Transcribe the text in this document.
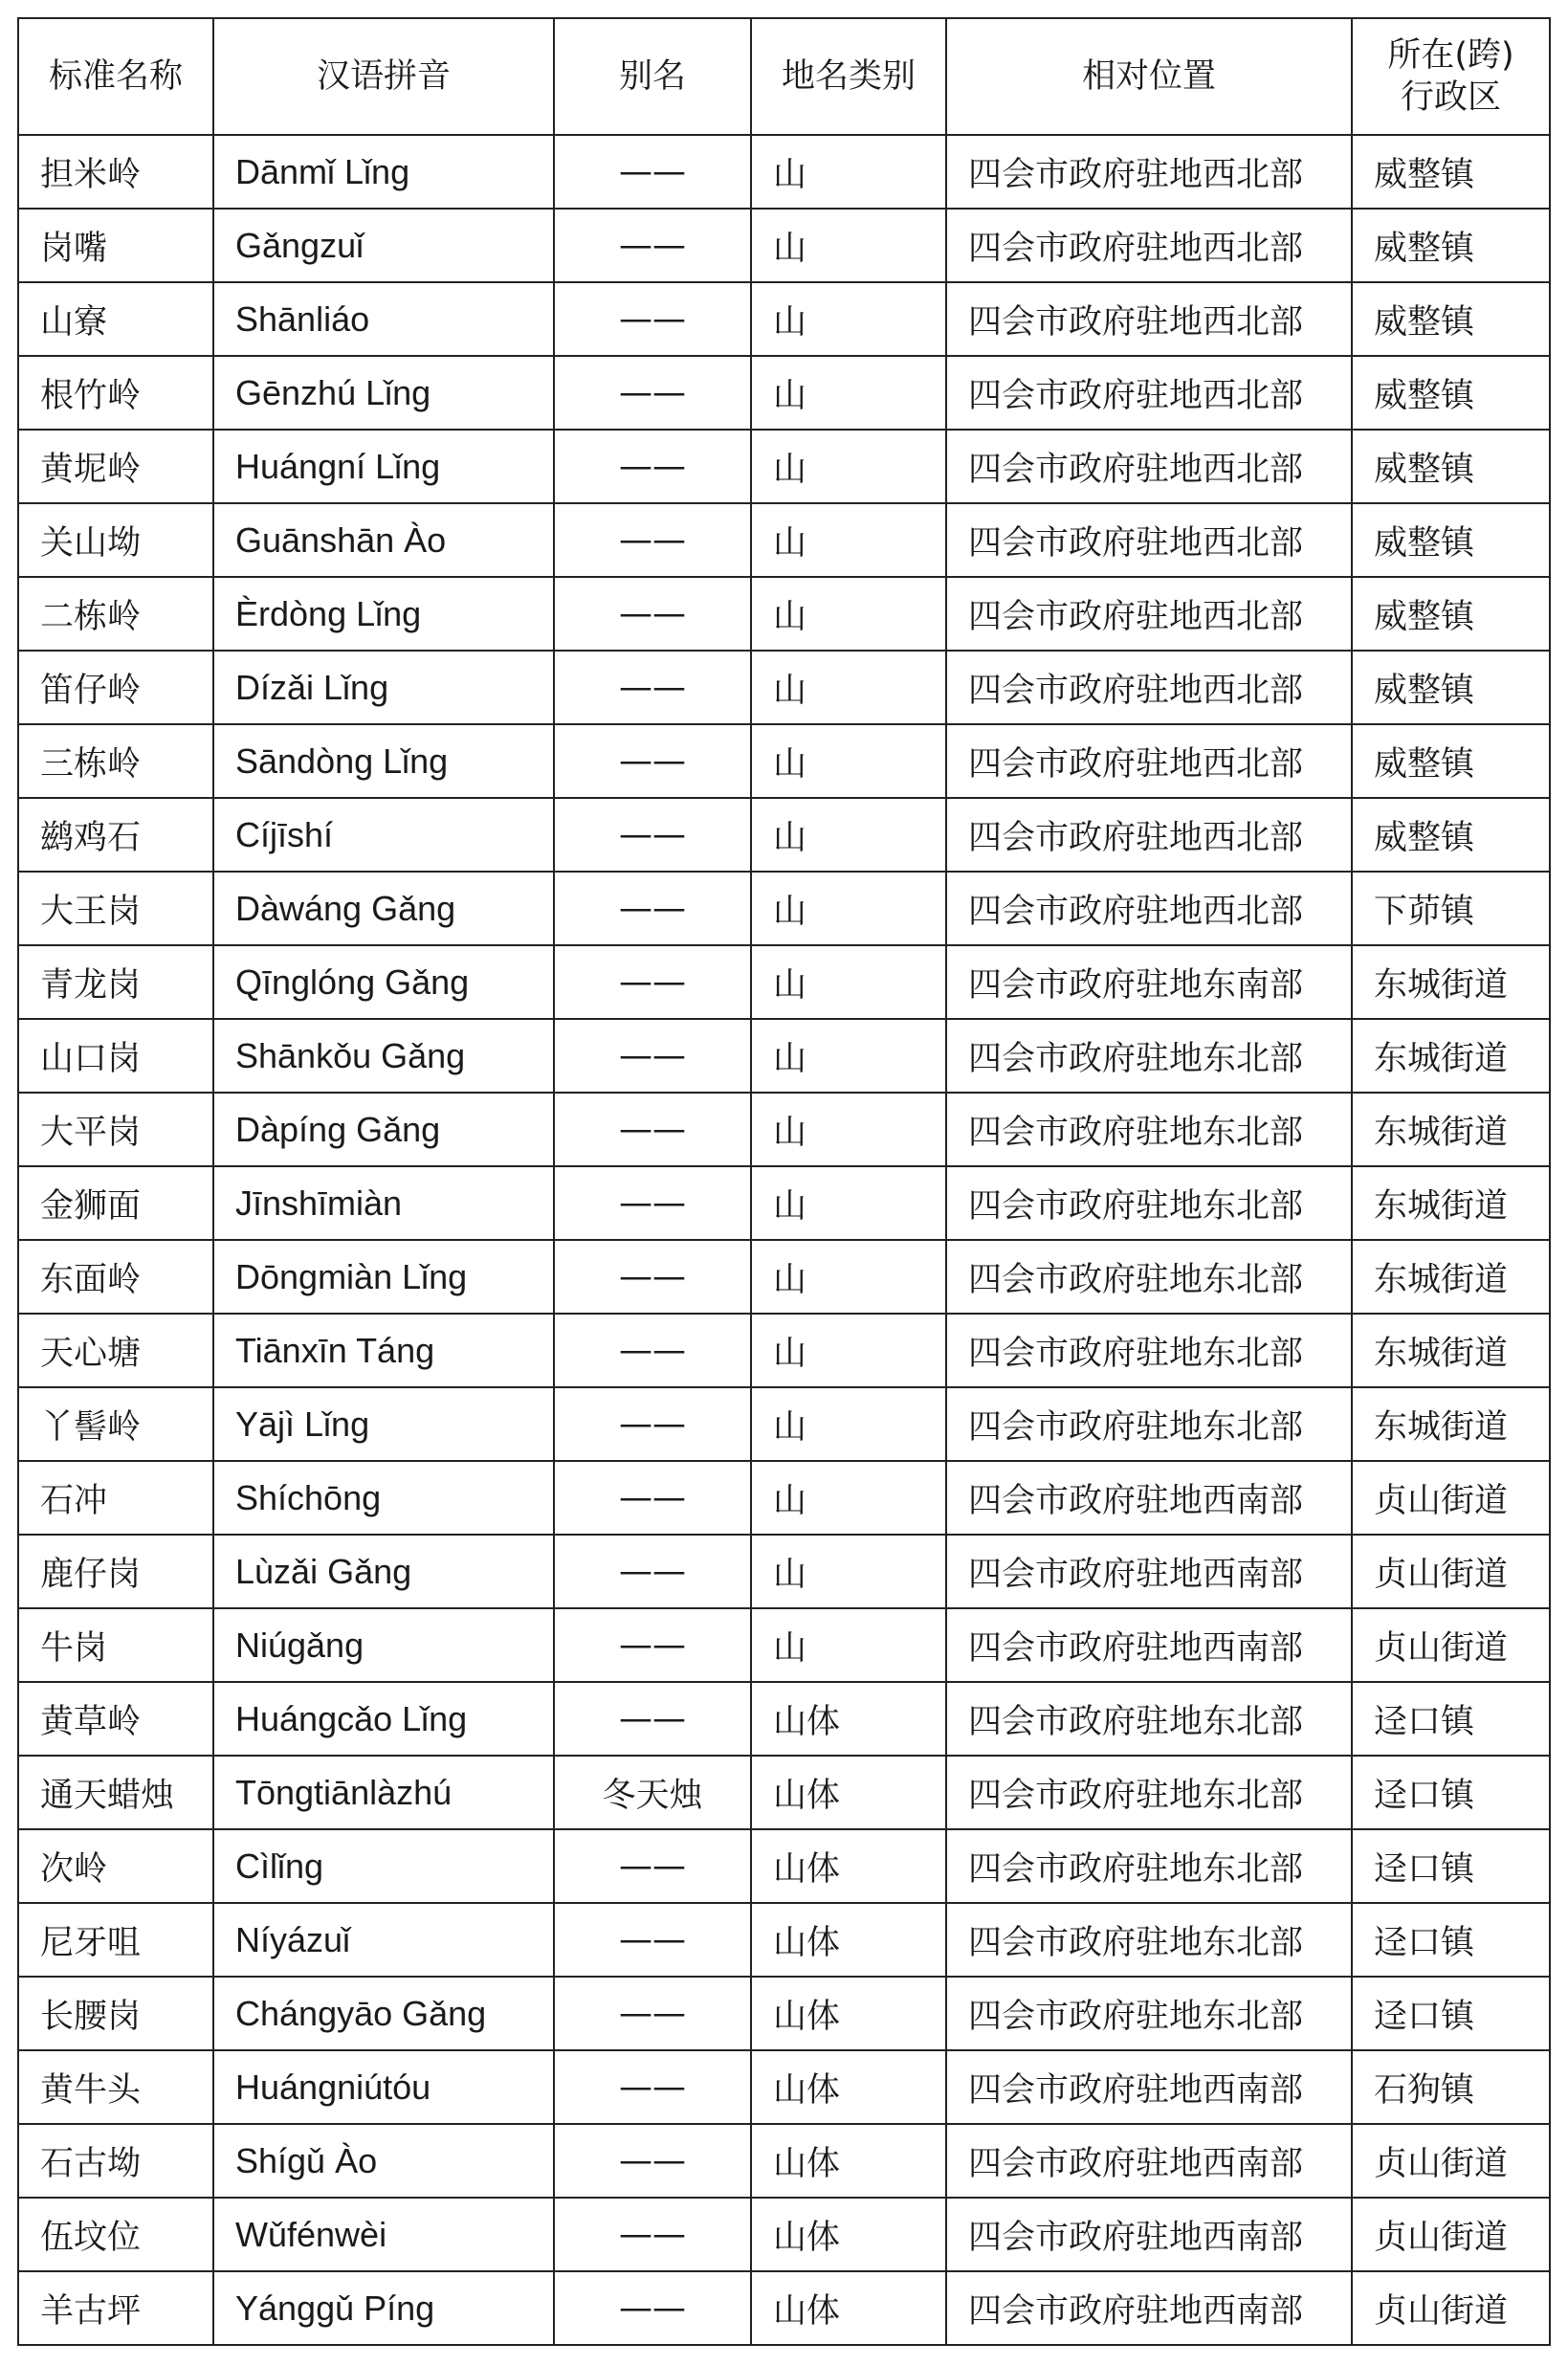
标准名称	汉语拼音	别名	地名类别	相对位置	所在(跨)
行政区
担米岭	Dānmǐ Lǐng	——	山	四会市政府驻地西北部	威整镇
岗嘴	Gǎngzuǐ	——	山	四会市政府驻地西北部	威整镇
山寮	Shānliáo	——	山	四会市政府驻地西北部	威整镇
根竹岭	Gēnzhú Lǐng	——	山	四会市政府驻地西北部	威整镇
黄坭岭	Huángní Lǐng	——	山	四会市政府驻地西北部	威整镇
关山坳	Guānshān Ào	——	山	四会市政府驻地西北部	威整镇
二栋岭	Èrdòng Lǐng	——	山	四会市政府驻地西北部	威整镇
笛仔岭	Dízǎi Lǐng	——	山	四会市政府驻地西北部	威整镇
三栋岭	Sāndòng Lǐng	——	山	四会市政府驻地西北部	威整镇
鹚鸡石	Cíjīshí	——	山	四会市政府驻地西北部	威整镇
大王岗	Dàwáng Gǎng	——	山	四会市政府驻地西北部	下茆镇
青龙岗	Qīnglóng Gǎng	——	山	四会市政府驻地东南部	东城街道
山口岗	Shānkǒu Gǎng	——	山	四会市政府驻地东北部	东城街道
大平岗	Dàpíng Gǎng	——	山	四会市政府驻地东北部	东城街道
金狮面	Jīnshīmiàn	——	山	四会市政府驻地东北部	东城街道
东面岭	Dōngmiàn Lǐng	——	山	四会市政府驻地东北部	东城街道
天心塘	Tiānxīn Táng	——	山	四会市政府驻地东北部	东城街道
丫髻岭	Yājì Lǐng	——	山	四会市政府驻地东北部	东城街道
石冲	Shíchōng	——	山	四会市政府驻地西南部	贞山街道
鹿仔岗	Lùzǎi Gǎng	——	山	四会市政府驻地西南部	贞山街道
牛岗	Niúgǎng	——	山	四会市政府驻地西南部	贞山街道
黄草岭	Huángcǎo Lǐng	——	山体	四会市政府驻地东北部	迳口镇
通天蜡烛	Tōngtiānlàzhú	冬天烛	山体	四会市政府驻地东北部	迳口镇
次岭	Cìlǐng	——	山体	四会市政府驻地东北部	迳口镇
尼牙咀	Níyázuǐ	——	山体	四会市政府驻地东北部	迳口镇
长腰岗	Chángyāo Gǎng	——	山体	四会市政府驻地东北部	迳口镇
黄牛头	Huángniútóu	——	山体	四会市政府驻地西南部	石狗镇
石古坳	Shígǔ Ào	——	山体	四会市政府驻地西南部	贞山街道
伍坟位	Wǔfénwèi	——	山体	四会市政府驻地西南部	贞山街道
羊古坪	Yánggǔ Píng	——	山体	四会市政府驻地西南部	贞山街道
